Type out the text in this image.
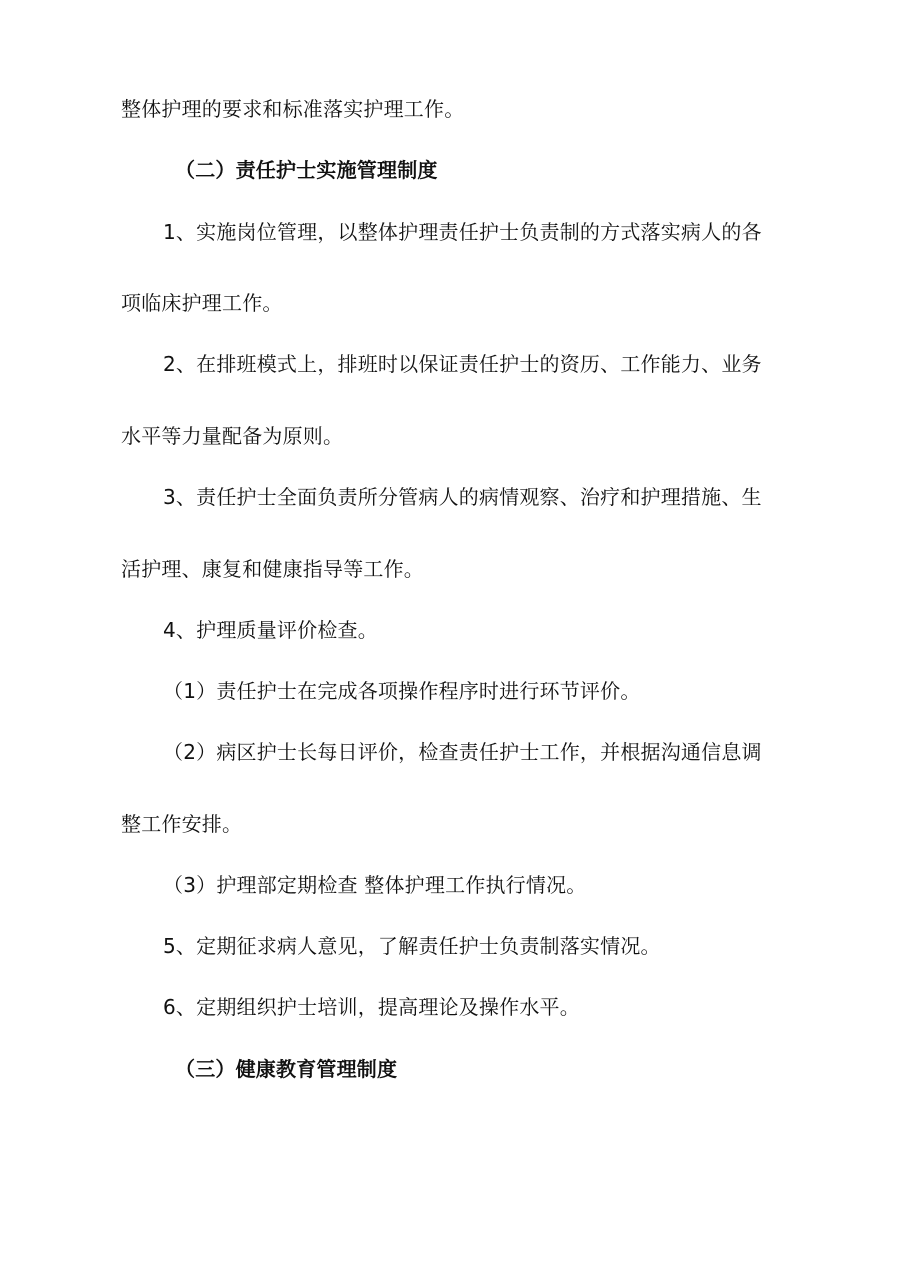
整体护理的要求和标准落实护理工作。
（二）责任护士实施管理制度
1、实施岗位管理，以整体护理责任护士负责制的方式落实病人的各
项临床护理工作。
2、在排班模式上，排班时以保证责任护士的资历、工作能力、业务
水平等力量配备为原则。
3、责任护士全面负责所分管病人的病情观察、治疗和护理措施、生
活护理、康复和健康指导等工作。
4、护理质量评价检查。
（1）责任护士在完成各项操作程序时进行环节评价。
（2）病区护士长每日评价，检查责任护士工作，并根据沟通信息调
整工作安排。
（3）护理部定期检查 整体护理工作执行情况。
5、定期征求病人意见，了解责任护士负责制落实情况。
6、定期组织护士培训，提高理论及操作水平。
（三）健康教育管理制度
